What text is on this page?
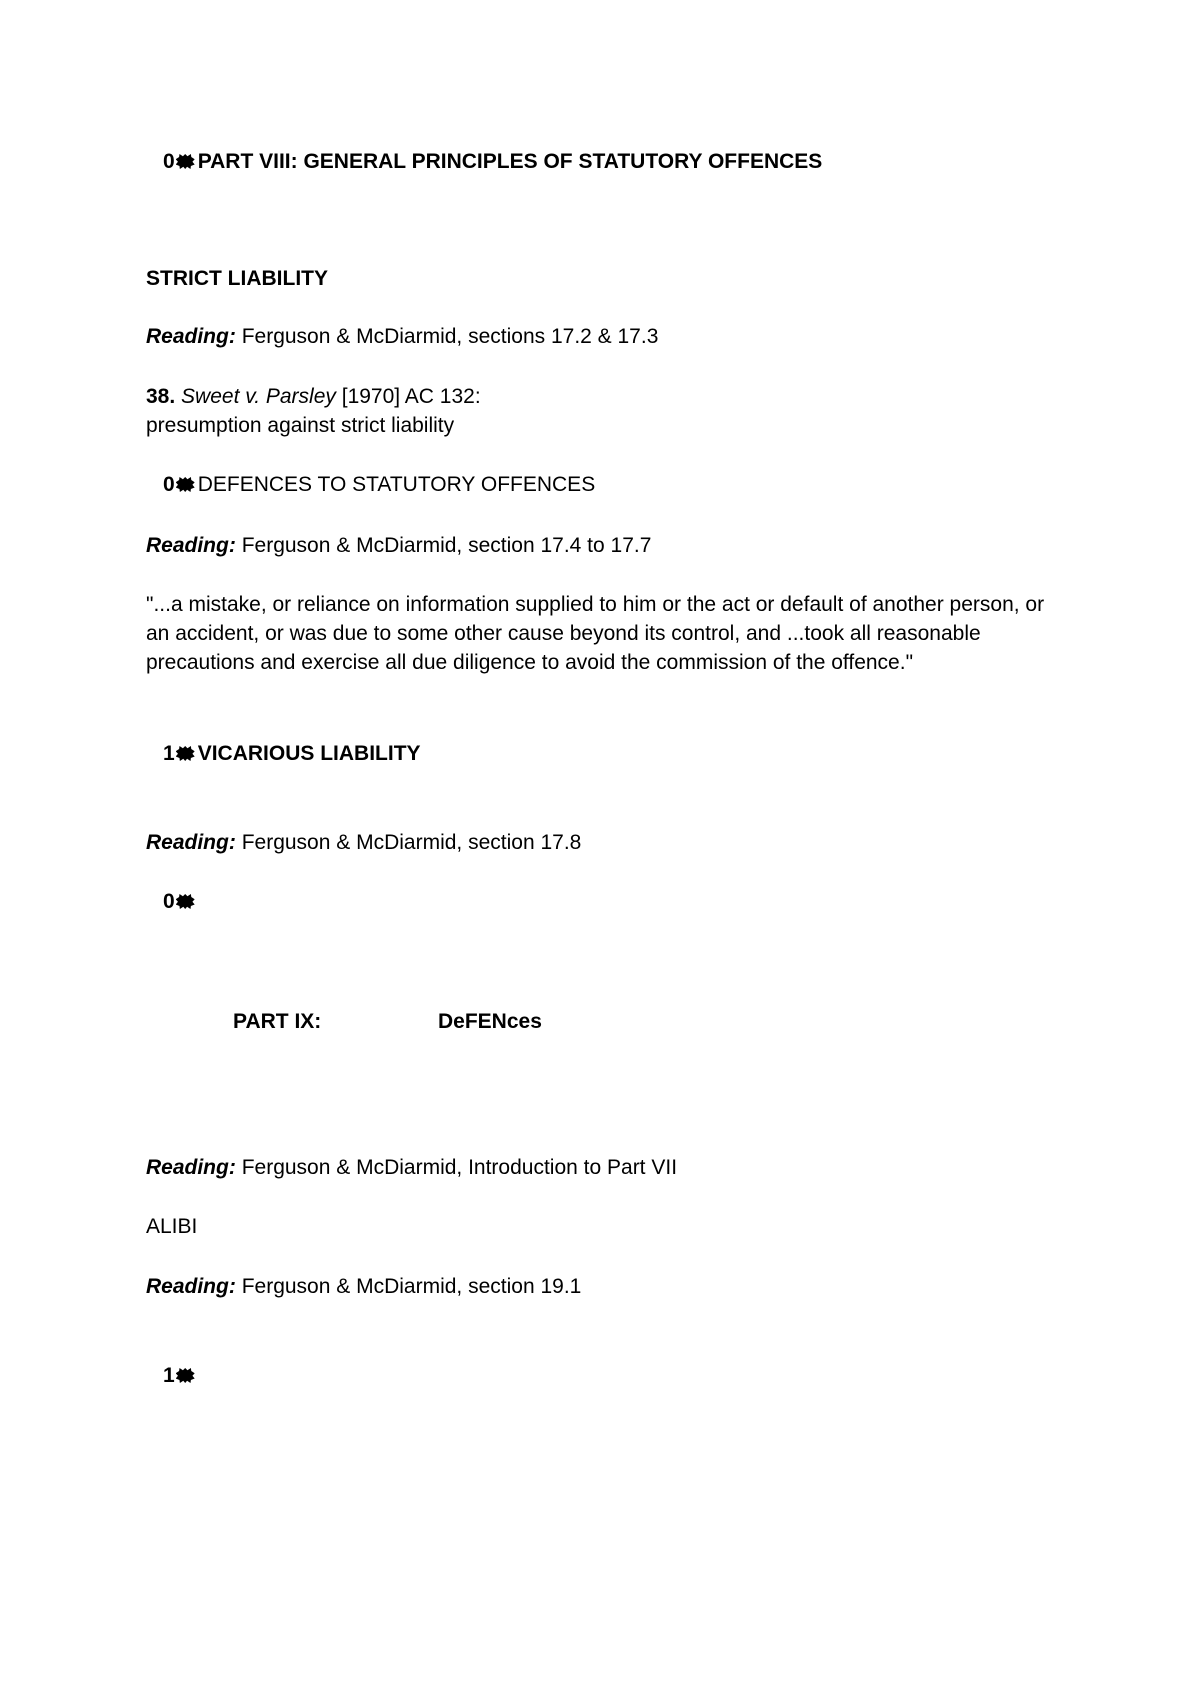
0 PART VIII: GENERAL PRINCIPLES OF STATUTORY OFFENCES
STRICT LIABILITY
Reading: Ferguson & McDiarmid, sections 17.2 & 17.3
38. Sweet v. Parsley [1970] AC 132:
presumption against strict liability
0 DEFENCES TO STATUTORY OFFENCES
Reading: Ferguson & McDiarmid, section 17.4 to 17.7
"...a mistake, or reliance on information supplied to him or the act or default of another person, or an accident, or was due to some other cause beyond its control, and ...took all reasonable precautions and exercise all due diligence to avoid the commission of the offence."
1 VICARIOUS LIABILITY
Reading: Ferguson & McDiarmid, section 17.8
0
PART IX:	DeFENces
Reading: Ferguson & McDiarmid, Introduction to Part VII
ALIBI
Reading: Ferguson & McDiarmid, section 19.1
1
